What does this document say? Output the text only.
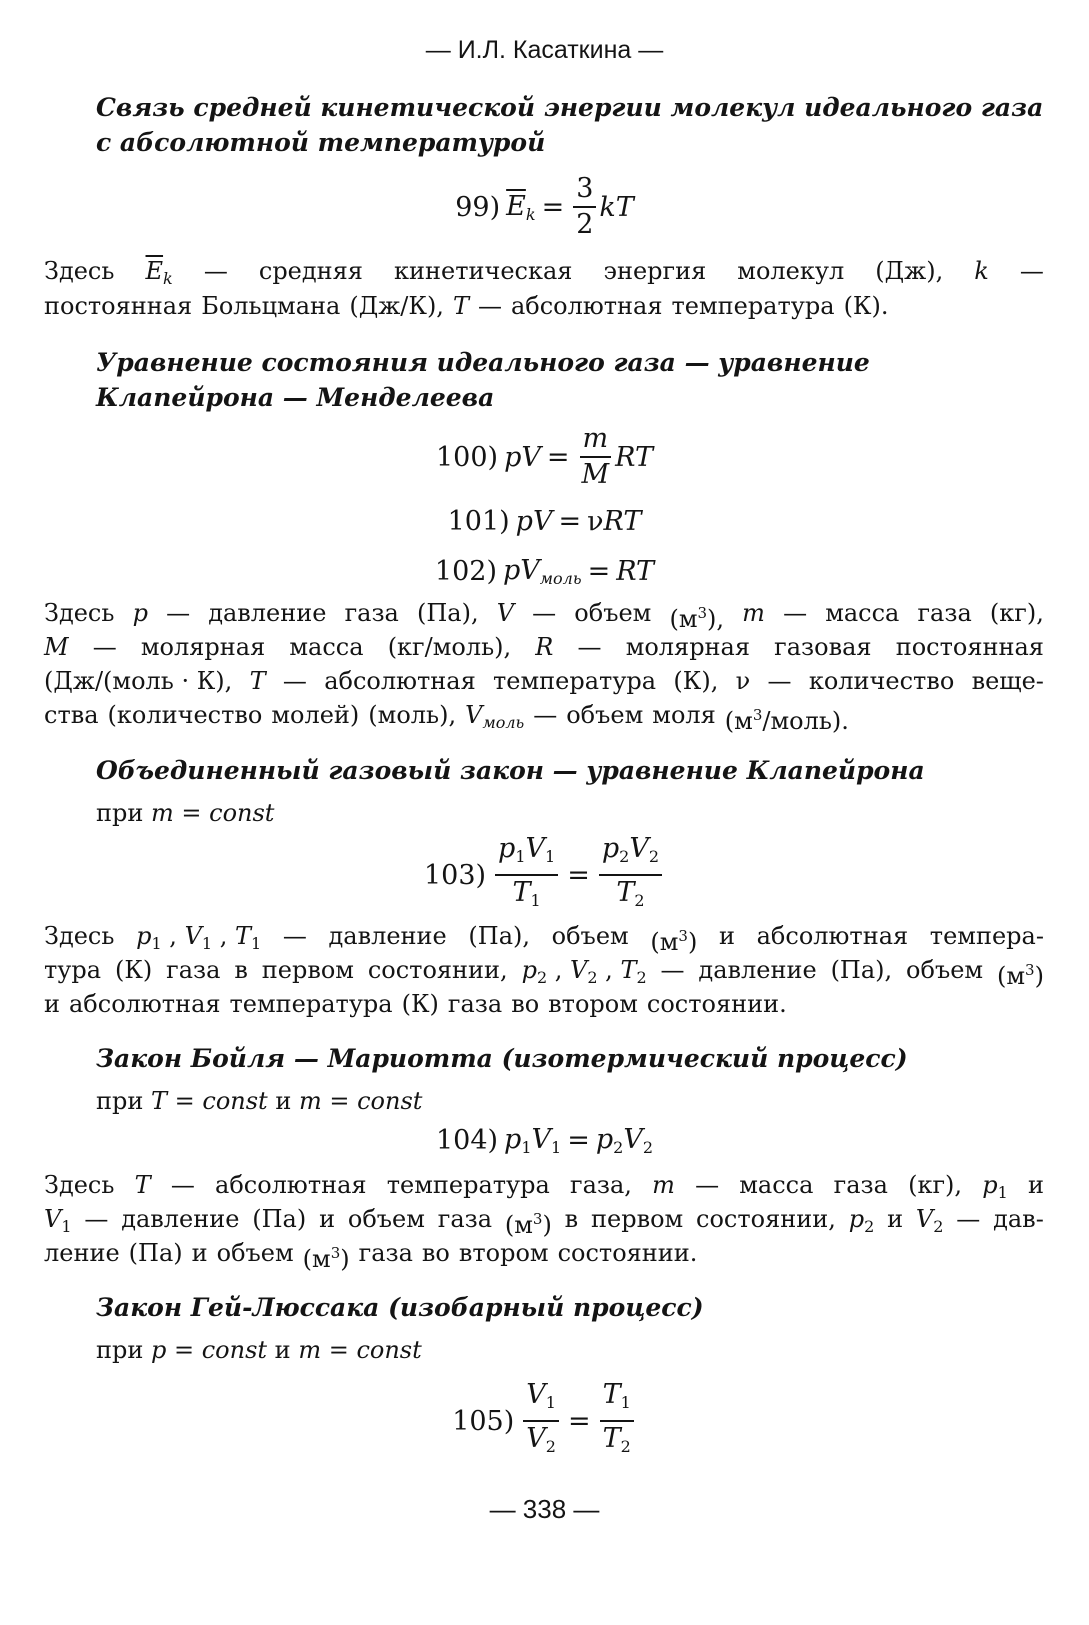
— И.Л. Касаткина —
Связь средней кинетической энергии молекул идеального газа
с абсолютной температурой
99) $\overline{E}_k = \frac{3}{2}$ kT
Здесь $\overline{E}_k$ — средняя кинетическая энергия молекул (Дж), k —
постоянная Больцмана (Дж/К), T — абсолютная температура (К).
Уравнение состояния идеального газа — уравнение
Клапейрона — Менделеева
100) pV = $\frac{m}{M}$ RT
101) pV = νRT
102) $pV_{моль}$ = RT
Здесь p — давление газа (Па), V — объем $(м^3)$, m — масса газа (кг),
M — молярная масса (кг/моль), R — молярная газовая постоянная
(Дж/(моль · К), T — абсолютная температура (К), ν — количество веще-
ства (количество молей) (моль), $V_{моль}$ — объем моля $(м^3/моль)$.
Объединенный газовый закон — уравнение Клапейрона
при m = const
$103) \frac{p_1V_1}{T_1} = \frac{p_2V_2}{T_2}$
Здесь $p_1$ , $V_1$ , $T_1$ — давление (Па), объем $(м^3)$ и абсолютная темпера-
тура (К) газа в первом состоянии, $p_2$ , $V_2$ , $T_2$ — давление (Па), объем $(м^3)$
и абсолютная температура (К) газа во втором состоянии.
Закон Бойля — Мариотта (изотермический процесс)
при T = const и m = const
104) $p_1V_1 = p_2V_2$
Здесь T — абсолютная температура газа, m — масса газа (кг), $p_1$ и
$V_1$ — давление (Па) и объем газа $(м^3)$ в первом состоянии, $p_2$ и $V_2$ — дав-
ление (Па) и объем $(м^3)$ газа во втором состоянии.
Закон Гей-Люссака (изобарный процесс)
при p = const и m = const
$105) \frac{V_1}{V_2} = \frac{T_1}{T_2}$
— 338 —
